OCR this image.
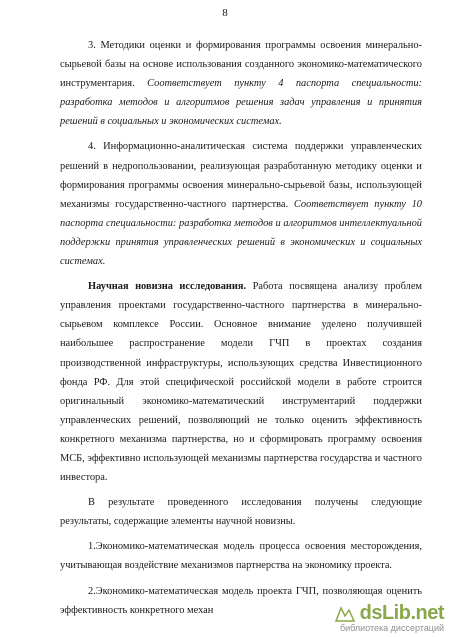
8

3. Методики оценки и формирования программы освоения минерально-сырьевой базы на основе использования созданного экономико-математического инструментария. Соответствует пункту 4 паспорта специальности: разработка методов и алгоритмов решения задач управления и принятия решений в социальных и экономических системах.

4. Информационно-аналитическая система поддержки управленческих решений в недропользовании, реализующая разработанную методику оценки и формирования программы освоения минерально-сырьевой базы, использующей механизмы государственно-частного партнерства. Соответствует пункту 10 паспорта специальности: разработка методов и алгоритмов интеллектуальной поддержки принятия управленческих решений в экономических и социальных системах.

Научная новизна исследования. Работа посвящена анализу проблем управления проектами государственно-частного партнерства в минерально-сырьевом комплексе России. Основное внимание уделено получившей наибольшее распространение модели ГЧП в проектах создания производственной инфраструктуры, использующих средства Инвестиционного фонда РФ. Для этой специфической российской модели в работе строится оригинальный экономико-математический инструментарий поддержки управленческих решений, позволяющий не только оценить эффективность конкретного механизма партнерства, но и сформировать программу освоения МСБ, эффективно использующей механизмы партнерства государства и частного инвестора.

В результате проведенного исследования получены следующие результаты, содержащие элементы научной новизны.

1.Экономико-математическая модель процесса освоения месторождения, учитывающая воздействие механизмов партнерства на экономику проекта.

2.Экономико-математическая модель проекта ГЧП, позволяющая оценить эффективность конкретного механ	dsLib.net
библиотека диссертаций
